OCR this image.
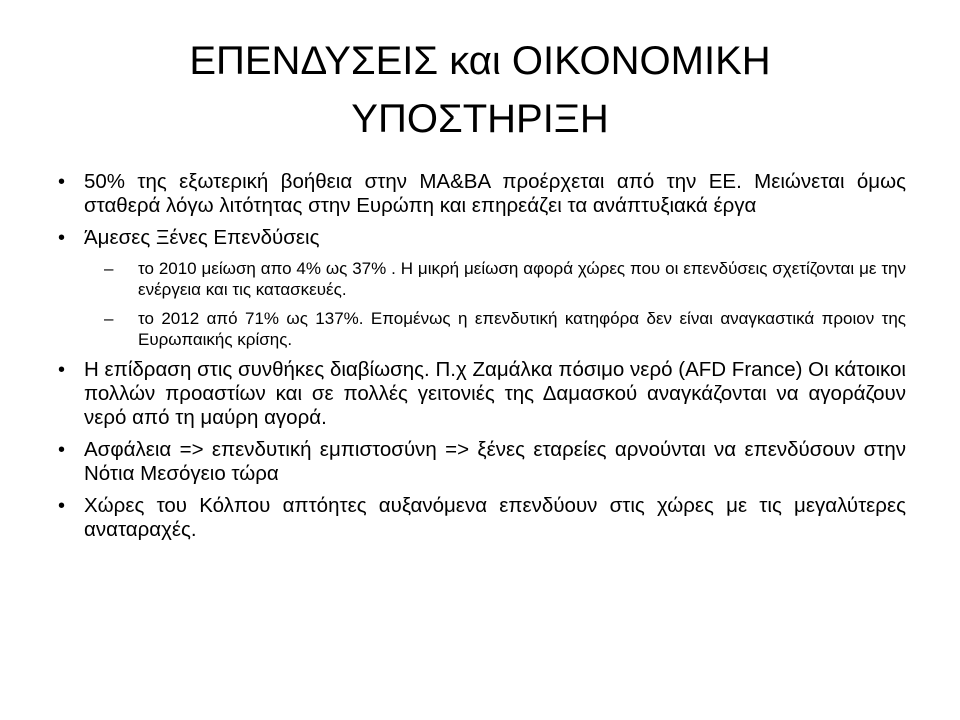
ΕΠΕΝΔΥΣΕΙΣ και ΟΙΚΟΝΟΜΙΚΗ
ΥΠΟΣΤΗΡΙΞΗ
• 50% της εξωτερική βοήθεια στην ΜΑ&ΒΑ προέρχεται από την ΕΕ. Μειώνεται όμως σταθερά λόγω λιτότητας στην Ευρώπη και επηρεάζει τα ανάπτυξιακά έργα
• Άμεσες Ξένες Επενδύσεις
– το 2010 μείωση απο 4% ως 37% . Η μικρή μείωση αφορά χώρες που οι επενδύσεις σχετίζονται με την ενέργεια και τις κατασκευές.
– το 2012 από 71% ως 137%. Επομένως η επενδυτική κατηφόρα δεν είναι αναγκαστικά προιον της Ευρωπαικής κρίσης.
• Η επίδραση στις συνθήκες διαβίωσης. Π.χ Ζαμάλκα πόσιμο νερό (AFD France) Οι κάτοικοι πολλών προαστίων και σε πολλές γειτονιές της Δαμασκού αναγκάζονται να αγοράζουν νερό από τη μαύρη αγορά.
• Ασφάλεια => επενδυτική εμπιστοσύνη => ξένες εταρείες αρνούνται να επενδύσουν στην Νότια Μεσόγειο τώρα
• Χώρες του Κόλπου απτόητες αυξανόμενα επενδύουν στις χώρες με τις μεγαλύτερες αναταραχές.
